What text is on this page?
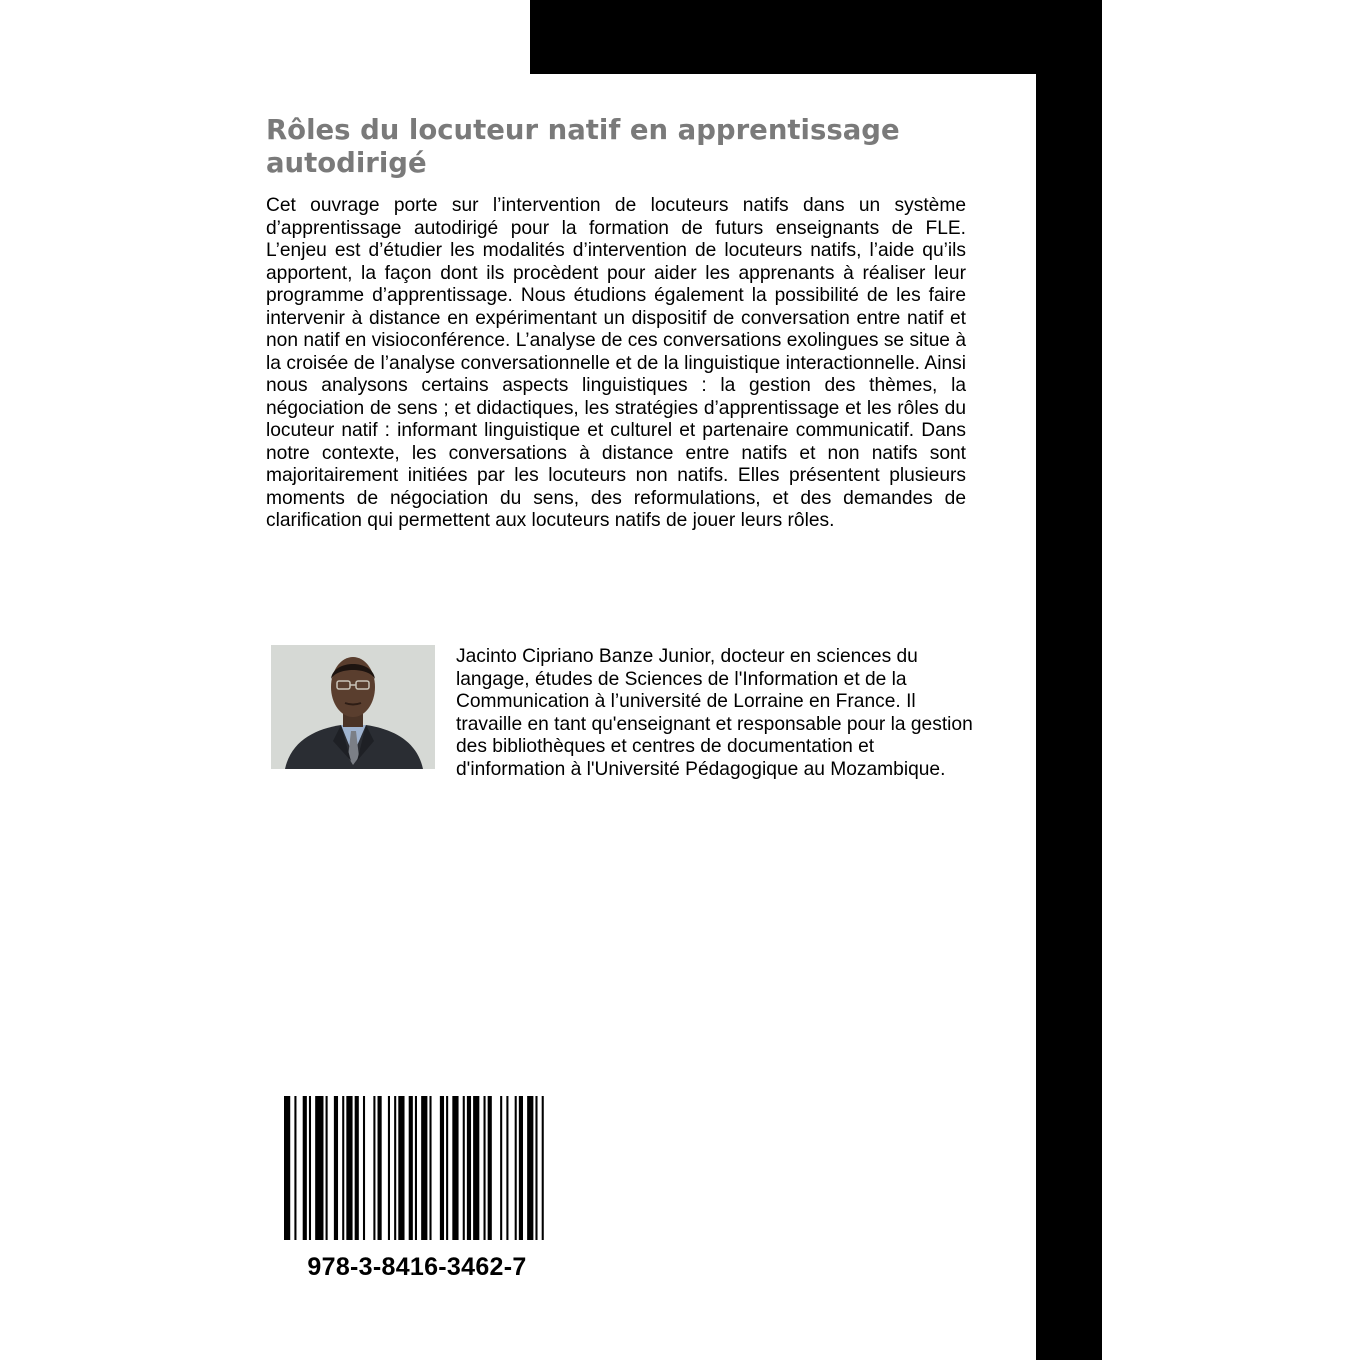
Rôles du locuteur natif en apprentissage
autodirigé

Cet ouvrage porte sur l’intervention de locuteurs natifs dans un système d’apprentissage autodirigé pour la formation de futurs enseignants de FLE. L’enjeu est d’étudier les modalités d’intervention de locuteurs natifs, l’aide qu’ils apportent, la façon dont ils procèdent pour aider les apprenants à réaliser leur programme d’apprentissage. Nous étudions également la possibilité de les faire intervenir à distance en expérimentant un dispositif de conversation entre natif et non natif en visioconférence. L’analyse de ces conversations exolingues se situe à la croisée de l’analyse conversationnelle et de la linguistique interactionnelle. Ainsi nous analysons certains aspects linguistiques : la gestion des thèmes, la négociation de sens ; et didactiques, les stratégies d’apprentissage et les rôles du locuteur natif : informant linguistique et culturel et partenaire communicatif. Dans notre contexte, les conversations à distance entre natifs et non natifs sont majoritairement initiées par les locuteurs non natifs. Elles présentent plusieurs moments de négociation du sens, des reformulations, et des demandes de clarification qui permettent aux locuteurs natifs de jouer leurs rôles.

Jacinto Cipriano Banze Junior, docteur en sciences du langage, études de Sciences de l'Information et de la Communication à l’université de Lorraine en France. Il travaille en tant qu'enseignant et responsable pour la gestion des bibliothèques et centres de documentation et d'information à l'Université Pédagogique au Mozambique.

978-3-8416-3462-7
